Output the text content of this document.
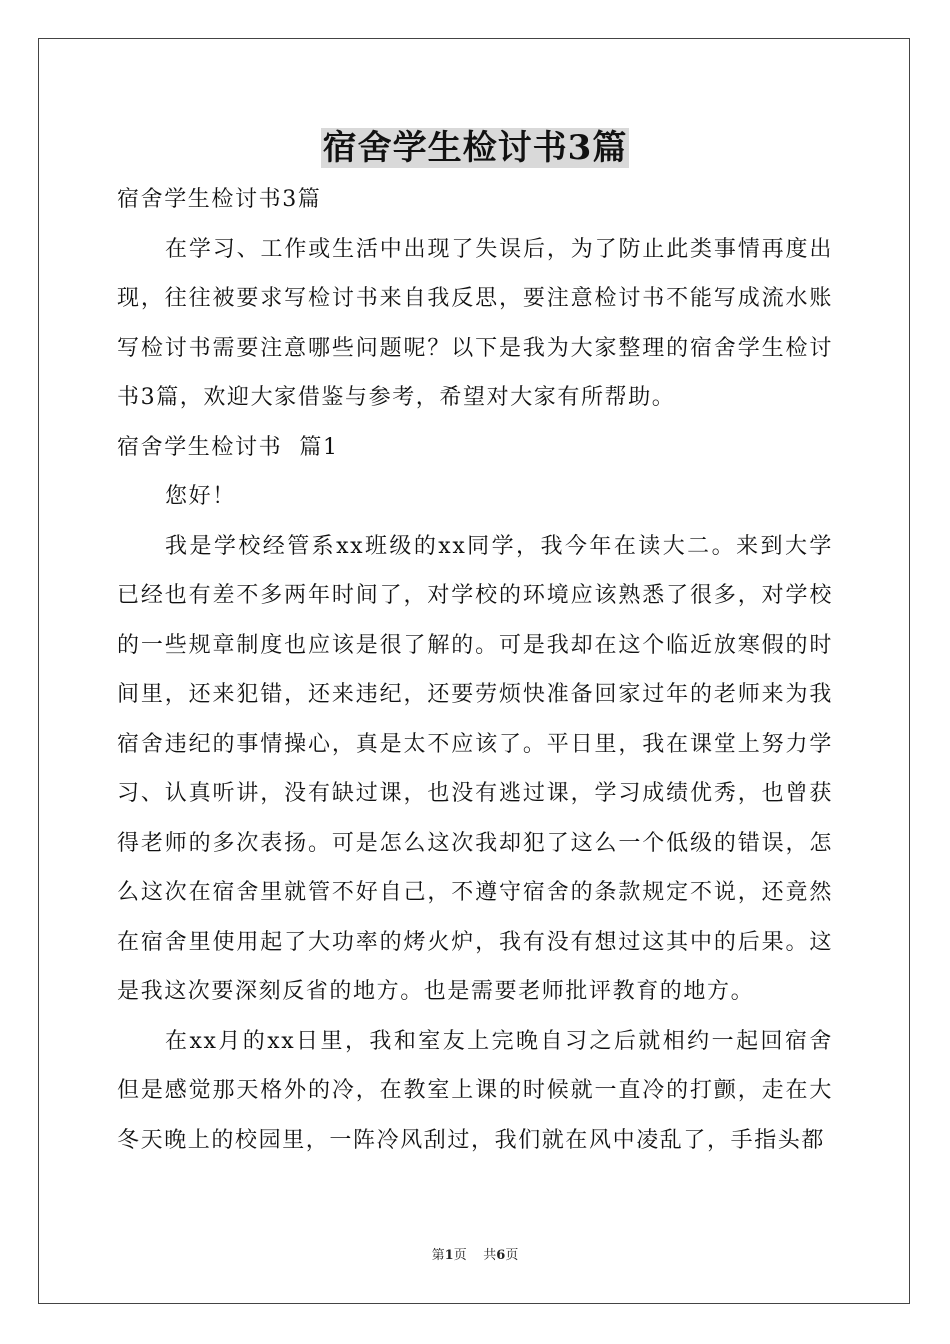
宿舍学生检讨书3篇

宿舍学生检讨书3篇

在学习、工作或生活中出现了失误后，为了防止此类事情再度出现，往往被要求写检讨书来自我反思，要注意检讨书不能写成流水账写检讨书需要注意哪些问题呢？以下是我为大家整理的宿舍学生检讨书3篇，欢迎大家借鉴与参考，希望对大家有所帮助。

宿舍学生检讨书  篇1

您好！

我是学校经管系xx班级的xx同学，我今年在读大二。来到大学已经也有差不多两年时间了，对学校的环境应该熟悉了很多，对学校的一些规章制度也应该是很了解的。可是我却在这个临近放寒假的时间里，还来犯错，还来违纪，还要劳烦快准备回家过年的老师来为我宿舍违纪的事情操心，真是太不应该了。平日里，我在课堂上努力学习、认真听讲，没有缺过课，也没有逃过课，学习成绩优秀，也曾获得老师的多次表扬。可是怎么这次我却犯了这么一个低级的错误，怎么这次在宿舍里就管不好自己，不遵守宿舍的条款规定不说，还竟然在宿舍里使用起了大功率的烤火炉，我有没有想过这其中的后果。这是我这次要深刻反省的地方。也是需要老师批评教育的地方。

在xx月的xx日里，我和室友上完晚自习之后就相约一起回宿舍但是感觉那天格外的冷，在教室上课的时候就一直冷的打颤，走在大冬天晚上的校园里，一阵冷风刮过，我们就在风中凌乱了，手指头都

第1页 共6页
